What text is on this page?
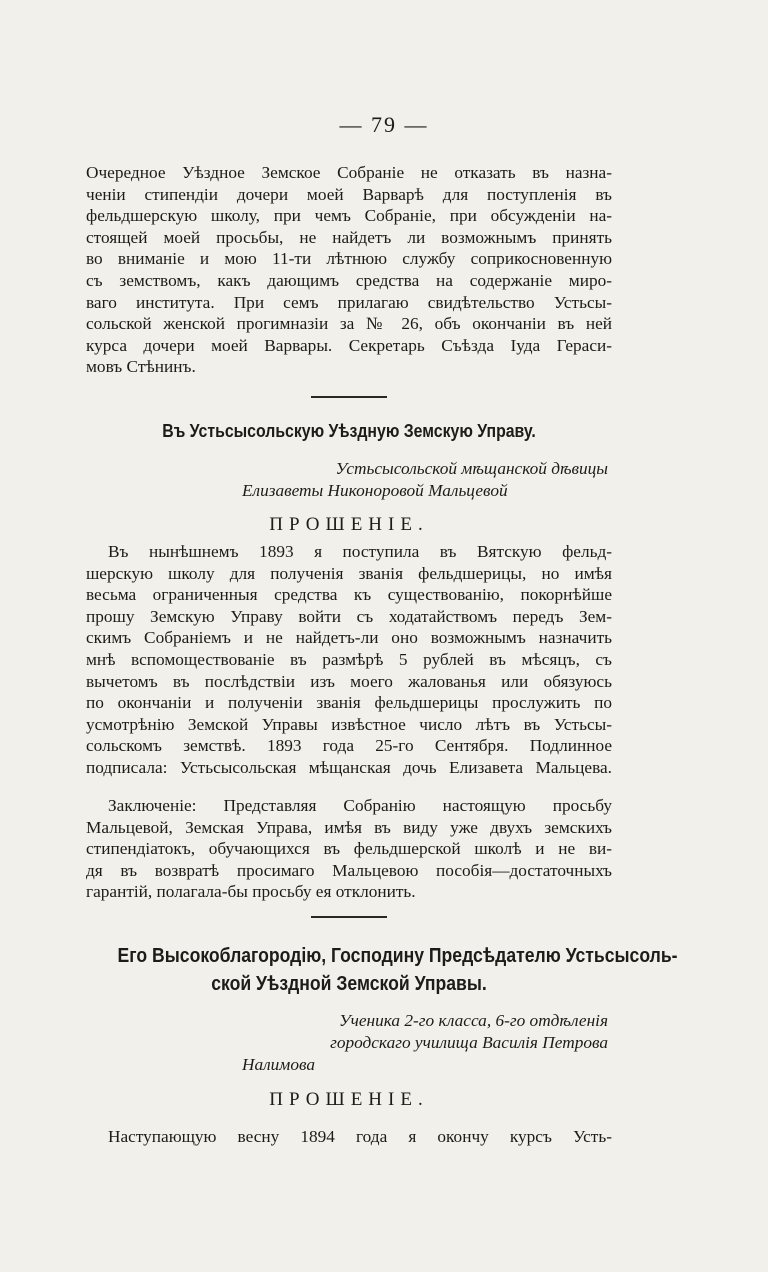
— 79 —
Очередное Уѣздное Земское Собраніе не отказать въ назна-
ченіи стипендіи дочери моей Варварѣ для поступленія въ
фельдшерскую школу, при чемъ Собраніе, при обсужденіи на-
стоящей моей просьбы, не найдетъ ли возможнымъ принять
во вниманіе и мою 11-ти лѣтнюю службу соприкосновенную
съ земствомъ, какъ дающимъ средства на содержаніе миро-
ваго института. При семъ прилагаю свидѣтельство Устьсы-
сольской женской прогимназіи за № 26, объ окончаніи въ ней
курса дочери моей Варвары. Секретарь Съѣзда Іуда Гераси-
мовъ Стѣнинъ.
Въ Устьсысольскую Уѣздную Земскую Управу.
Устьсысольской мѣщанской дѣвицы
Елизаветы Никоноровой Мальцевой
ПРОШЕНІЕ.
Въ нынѣшнемъ 1893 я поступила въ Вятскую фельд-
шерскую школу для полученія званія фельдшерицы, но имѣя
весьма ограниченныя средства къ существованію, покорнѣйше
прошу Земскую Управу войти съ ходатайствомъ передъ Зем-
скимъ Собраніемъ и не найдетъ-ли оно возможнымъ назначить
мнѣ вспомоществованіе въ размѣрѣ 5 рублей въ мѣсяцъ, съ
вычетомъ въ послѣдствіи изъ моего жалованья или обязуюсь
по окончаніи и полученіи званія фельдшерицы прослужить по
усмотрѣнію Земской Управы извѣстное число лѣтъ въ Устьсы-
сольскомъ земствѣ. 1893 года 25-го Сентября. Подлинное
подписала: Устьсысольская мѣщанская дочь Елизавета Мальцева.
Заключеніе: Представляя Собранію настоящую просьбу
Мальцевой, Земская Управа, имѣя въ виду уже двухъ земскихъ
стипендіатокъ, обучающихся въ фельдшерской школѣ и не ви-
дя въ возвратѣ просимаго Мальцевою пособія—достаточныхъ
гарантій, полагала-бы просьбу ея отклонить.
Его Высокоблагородію, Господину Предсѣдателю Устьсысоль-
ской Уѣздной Земской Управы.
Ученика 2-го класса, 6-го отдѣленія
городскаго училища Василія Петрова
Налимова
ПРОШЕНІЕ.
Наступающую весну 1894 года я окончу курсъ Усть-
